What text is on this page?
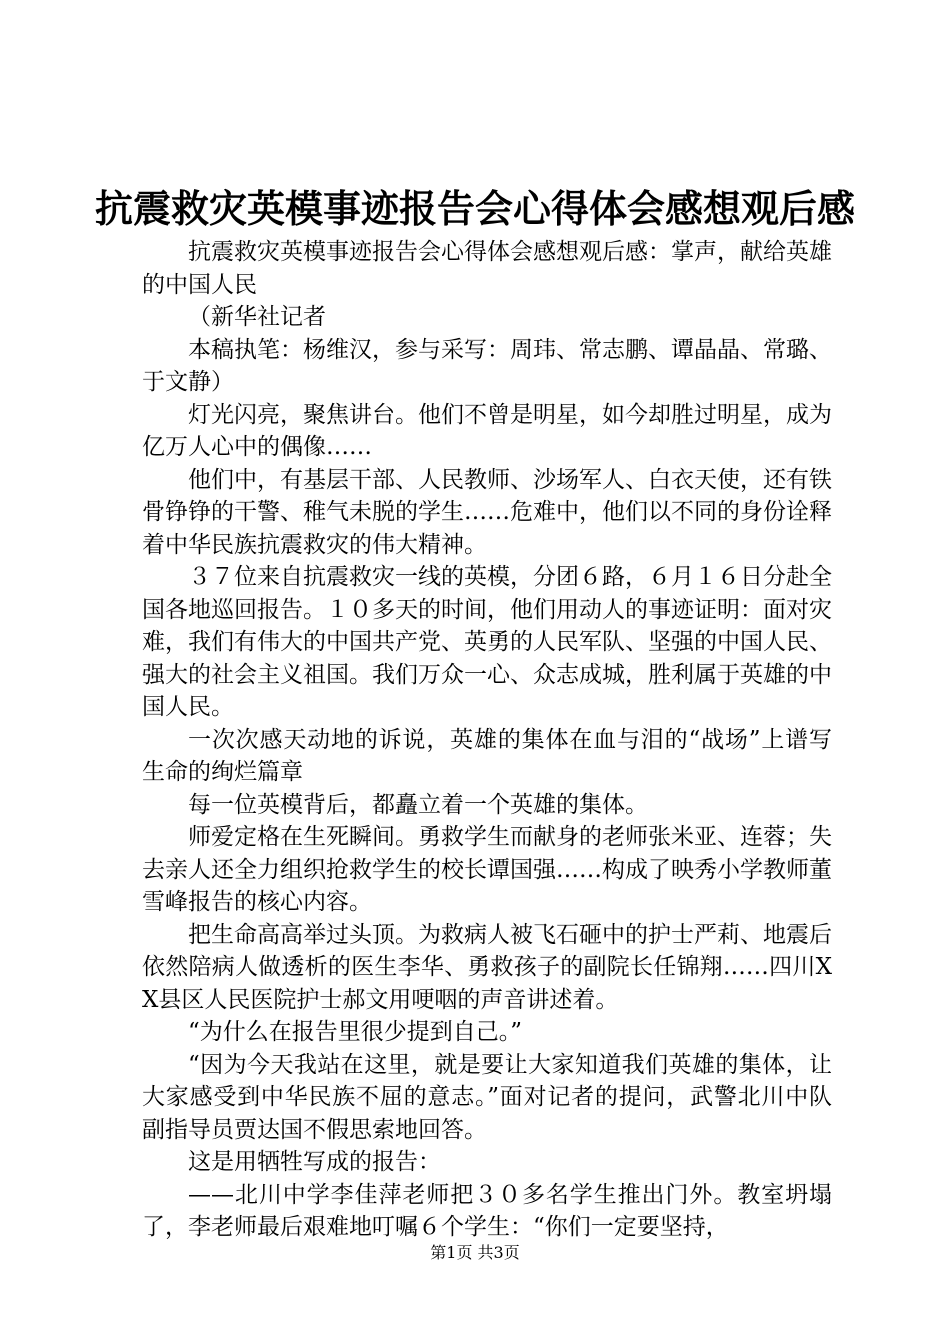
抗震救灾英模事迹报告会心得体会感想观后感

抗震救灾英模事迹报告会心得体会感想观后感：掌声，献给英雄的中国人民

（新华社记者

本稿执笔：杨维汉，参与采写：周玮、常志鹏、谭晶晶、常璐、于文静）

灯光闪亮，聚焦讲台。他们不曾是明星，如今却胜过明星，成为亿万人心中的偶像……

他们中，有基层干部、人民教师、沙场军人、白衣天使，还有铁骨铮铮的干警、稚气未脱的学生……危难中，他们以不同的身份诠释着中华民族抗震救灾的伟大精神。

３７位来自抗震救灾一线的英模，分团６路，６月１６日分赴全国各地巡回报告。１０多天的时间，他们用动人的事迹证明：面对灾难，我们有伟大的中国共产党、英勇的人民军队、坚强的中国人民、强大的社会主义祖国。我们万众一心、众志成城，胜利属于英雄的中国人民。

一次次感天动地的诉说，英雄的集体在血与泪的“战场”上谱写生命的绚烂篇章

每一位英模背后，都矗立着一个英雄的集体。

师爱定格在生死瞬间。勇救学生而献身的老师张米亚、连蓉；失去亲人还全力组织抢救学生的校长谭国强……构成了映秀小学教师董雪峰报告的核心内容。

把生命高高举过头顶。为救病人被飞石砸中的护士严莉、地震后依然陪病人做透析的医生李华、勇救孩子的副院长任锦翔……四川XX县区人民医院护士郝文用哽咽的声音讲述着。

“为什么在报告里很少提到自己。”

“因为今天我站在这里，就是要让大家知道我们英雄的集体，让大家感受到中华民族不屈的意志。”面对记者的提问，武警北川中队副指导员贾达国不假思索地回答。

这是用牺牲写成的报告：

——北川中学李佳萍老师把３０多名学生推出门外。教室坍塌了，李老师最后艰难地叮嘱６个学生：“你们一定要坚持，

第1页 共3页
